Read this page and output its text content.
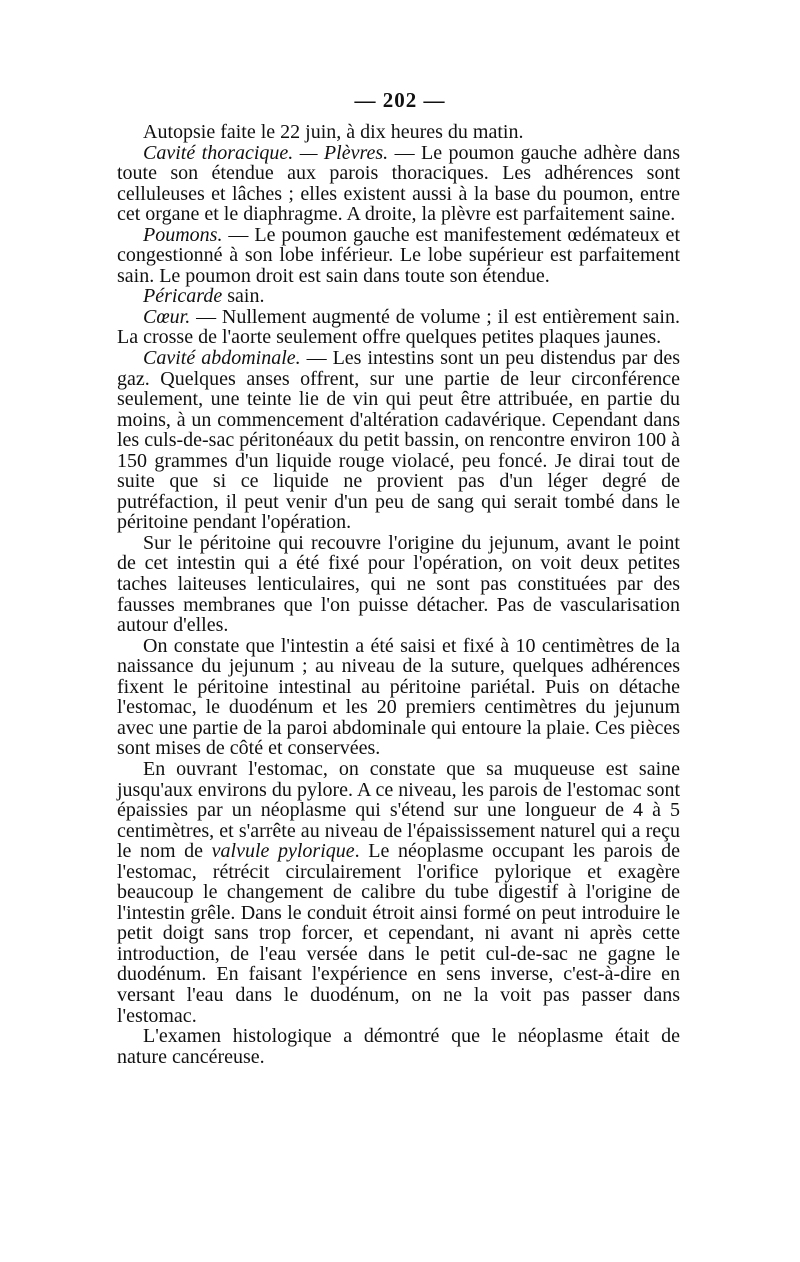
— 202 —

Autopsie faite le 22 juin, à dix heures du matin.

Cavité thoracique. — Plèvres. — Le poumon gauche adhère dans toute son étendue aux parois thoraciques. Les adhérences sont celluleuses et lâches ; elles existent aussi à la base du poumon, entre cet organe et le diaphragme. A droite, la plèvre est parfaitement saine.

Poumons. — Le poumon gauche est manifestement œdémateux et congestionné à son lobe inférieur. Le lobe supérieur est parfaitement sain. Le poumon droit est sain dans toute son étendue.

Péricarde sain.

Cœur. — Nullement augmenté de volume ; il est entièrement sain. La crosse de l'aorte seulement offre quelques petites plaques jaunes.

Cavité abdominale. — Les intestins sont un peu distendus par des gaz. Quelques anses offrent, sur une partie de leur circonférence seulement, une teinte lie de vin qui peut être attribuée, en partie du moins, à un commencement d'altération cadavérique. Cependant dans les culs-de-sac péritonéaux du petit bassin, on rencontre environ 100 à 150 grammes d'un liquide rouge violacé, peu foncé. Je dirai tout de suite que si ce liquide ne provient pas d'un léger degré de putréfaction, il peut venir d'un peu de sang qui serait tombé dans le péritoine pendant l'opération.

Sur le péritoine qui recouvre l'origine du jejunum, avant le point de cet intestin qui a été fixé pour l'opération, on voit deux petites taches laiteuses lenticulaires, qui ne sont pas constituées par des fausses membranes que l'on puisse détacher. Pas de vascularisation autour d'elles.

On constate que l'intestin a été saisi et fixé à 10 centimètres de la naissance du jejunum ; au niveau de la suture, quelques adhérences fixent le péritoine intestinal au péritoine pariétal. Puis on détache l'estomac, le duodénum et les 20 premiers centimètres du jejunum avec une partie de la paroi abdominale qui entoure la plaie. Ces pièces sont mises de côté et conservées.

En ouvrant l'estomac, on constate que sa muqueuse est saine jusqu'aux environs du pylore. A ce niveau, les parois de l'estomac sont épaissies par un néoplasme qui s'étend sur une longueur de 4 à 5 centimètres, et s'arrête au niveau de l'épaississement naturel qui a reçu le nom de valvule pylorique. Le néoplasme occupant les parois de l'estomac, rétrécit circulairement l'orifice pylorique et exagère beaucoup le changement de calibre du tube digestif à l'origine de l'intestin grêle. Dans le conduit étroit ainsi formé on peut introduire le petit doigt sans trop forcer, et cependant, ni avant ni après cette introduction, de l'eau versée dans le petit cul-de-sac ne gagne le duodénum. En faisant l'expérience en sens inverse, c'est-à-dire en versant l'eau dans le duodénum, on ne la voit pas passer dans l'estomac.

L'examen histologique a démontré que le néoplasme était de nature cancéreuse.
